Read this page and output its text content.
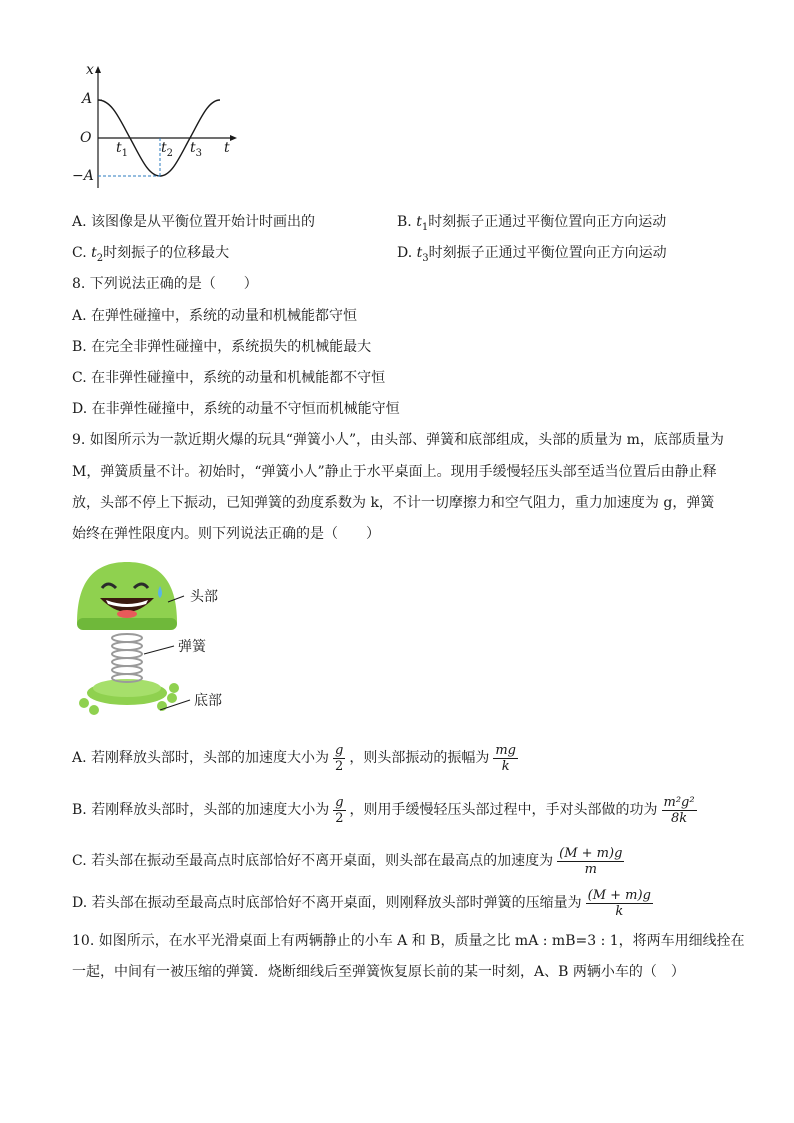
x
A
O
−A
t
$t_1$ $t_2$ $t_3$
A. 该图像是从平衡位置开始计时画出的	B. $t_1$时刻振子正通过平衡位置向正方向运动
C. $t_2$时刻振子的位移最大	D. $t_3$时刻振子正通过平衡位置向正方向运动
8. 下列说法正确的是（　　）
A. 在弹性碰撞中，系统的动量和机械能都守恒
B. 在完全非弹性碰撞中，系统损失的机械能最大
C. 在非弹性碰撞中，系统的动量和机械能都不守恒
D. 在非弹性碰撞中，系统的动量不守恒而机械能守恒
9. 如图所示为一款近期火爆的玩具“弹簧小人”，由头部、弹簧和底部组成，头部的质量为 m，底部质量为
M，弹簧质量不计。初始时，“弹簧小人”静止于水平桌面上。现用手缓慢轻压头部至适当位置后由静止释
放，头部不停上下振动，已知弹簧的劲度系数为 k，不计一切摩擦力和空气阻力，重力加速度为 g，弹簧
始终在弹性限度内。则下列说法正确的是（　　）
头部
弹簧
底部
A. 若刚释放头部时，头部的加速度大小为 $\frac{g}{2}$ ，则头部振动的振幅为 $\frac{mg}{k}$
B. 若刚释放头部时，头部的加速度大小为 $\frac{g}{2}$ ，则用手缓慢轻压头部过程中，手对头部做的功为 $\frac{\text{m²g²}}{8k}$
C. 若头部在振动至最高点时底部恰好不离开桌面，则头部在最高点的加速度为 $\frac{(M + m)g}{m}$
D. 若头部在振动至最高点时底部恰好不离开桌面，则刚释放头部时弹簧的压缩量为 $\frac{(M + m)g}{k}$
10. 如图所示，在水平光滑桌面上有两辆静止的小车 A 和 B，质量之比 mA : mB=3 : 1，将两车用细线拴在
一起，中间有一被压缩的弹簧．烧断细线后至弹簧恢复原长前的某一时刻，A、B 两辆小车的（　）
